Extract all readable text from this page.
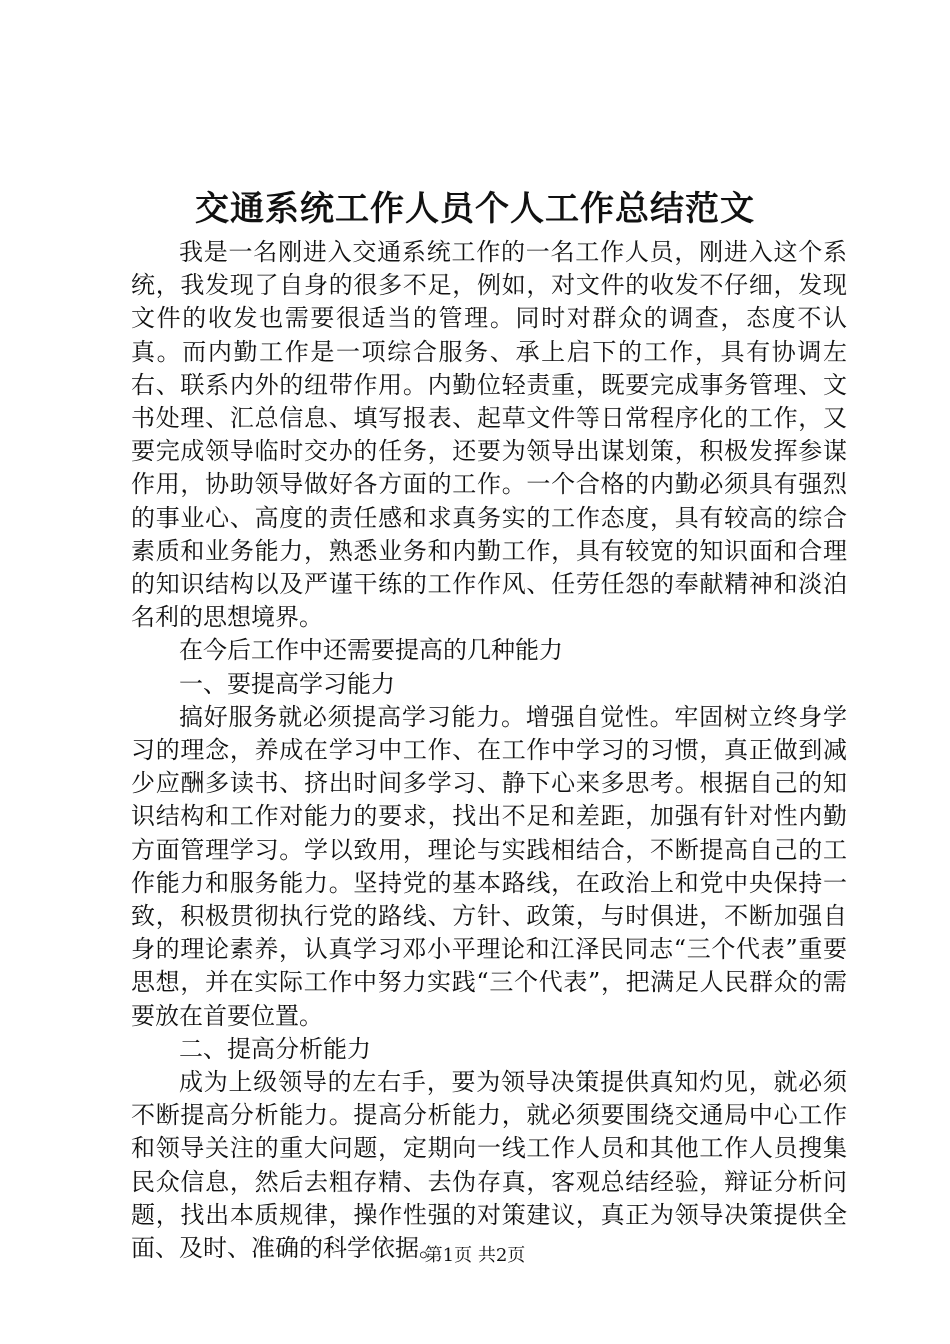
交通系统工作人员个人工作总结范文

我是一名刚进入交通系统工作的一名工作人员，刚进入这个系统，我发现了自身的很多不足，例如，对文件的收发不仔细，发现文件的收发也需要很适当的管理。同时对群众的调查，态度不认真。而内勤工作是一项综合服务、承上启下的工作，具有协调左右、联系内外的纽带作用。内勤位轻责重，既要完成事务管理、文书处理、汇总信息、填写报表、起草文件等日常程序化的工作，又要完成领导临时交办的任务，还要为领导出谋划策，积极发挥参谋作用，协助领导做好各方面的工作。一个合格的内勤必须具有强烈的事业心、高度的责任感和求真务实的工作态度，具有较高的综合素质和业务能力，熟悉业务和内勤工作，具有较宽的知识面和合理的知识结构以及严谨干练的工作作风、任劳任怨的奉献精神和淡泊名利的思想境界。

在今后工作中还需要提高的几种能力

一、要提高学习能力

搞好服务就必须提高学习能力。增强自觉性。牢固树立终身学习的理念，养成在学习中工作、在工作中学习的习惯，真正做到减少应酬多读书、挤出时间多学习、静下心来多思考。根据自己的知识结构和工作对能力的要求，找出不足和差距，加强有针对性内勤方面管理学习。学以致用，理论与实践相结合，不断提高自己的工作能力和服务能力。坚持党的基本路线，在政治上和党中央保持一致，积极贯彻执行党的路线、方针、政策，与时俱进，不断加强自身的理论素养，认真学习邓小平理论和江泽民同志“三个代表”重要思想，并在实际工作中努力实践“三个代表”，把满足人民群众的需要放在首要位置。

二、提高分析能力

成为上级领导的左右手，要为领导决策提供真知灼见，就必须不断提高分析能力。提高分析能力，就必须要围绕交通局中心工作和领导关注的重大问题，定期向一线工作人员和其他工作人员搜集民众信息，然后去粗存精、去伪存真，客观总结经验，辩证分析问题，找出本质规律，操作性强的对策建议，真正为领导决策提供全面、及时、准确的科学依据。

第1页 共2页
